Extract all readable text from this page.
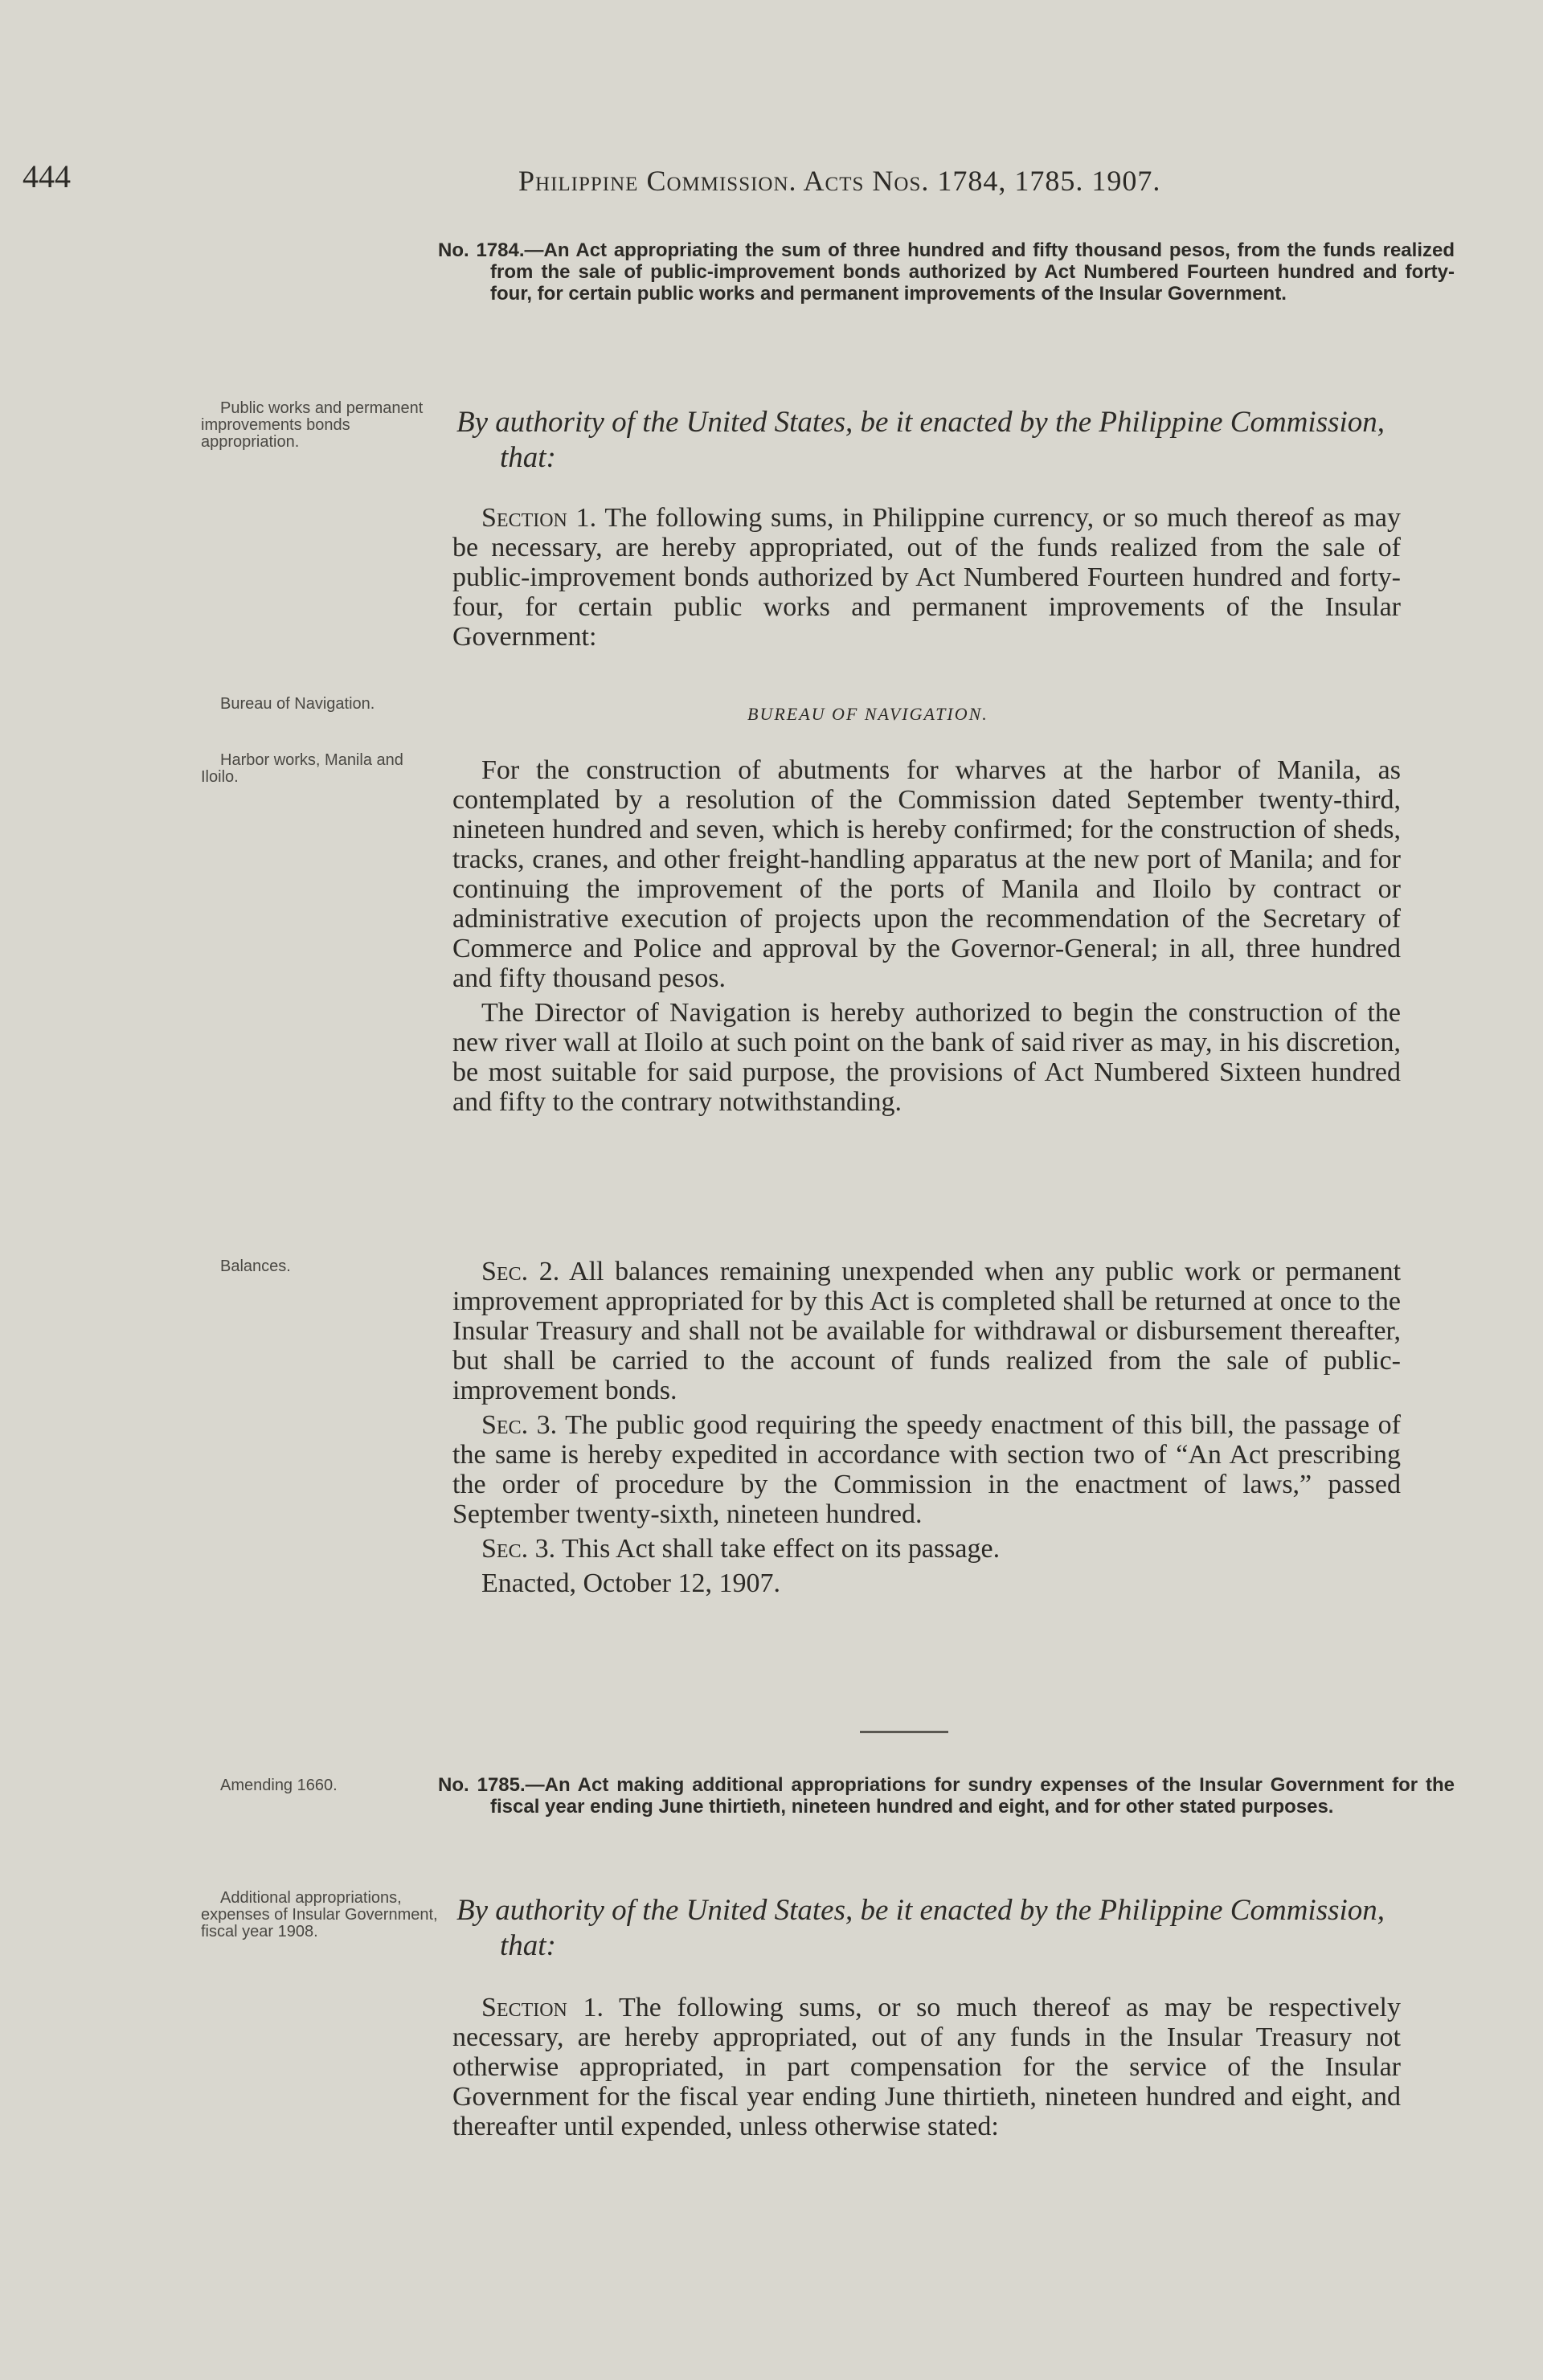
444	Philippine Commission. Acts Nos. 1784, 1785. 1907.
No. 1784.—An Act appropriating the sum of three hundred and fifty thousand pesos, from the funds realized from the sale of public-improvement bonds authorized by Act Numbered Fourteen hundred and forty-four, for certain public works and permanent improvements of the Insular Government.
Public works and permanent improvements bonds appropriation.
By authority of the United States, be it enacted by the Philippine Commission, that:

Section 1. The following sums, in Philippine currency, or so much thereof as may be necessary, are hereby appropriated, out of the funds realized from the sale of public-improvement bonds authorized by Act Numbered Fourteen hundred and forty-four, for certain public works and permanent improvements of the Insular Government:

Bureau of Navigation.	BUREAU OF NAVIGATION.
Harbor works, Manila and Iloilo.	For the construction of abutments for wharves at the harbor of Manila, as contemplated by a resolution of the Commission dated September twenty-third, nineteen hundred and seven, which is hereby confirmed; for the construction of sheds, tracks, cranes, and other freight-handling apparatus at the new port of Manila; and for continuing the improvement of the ports of Manila and Iloilo by contract or administrative execution of projects upon the recommendation of the Secretary of Commerce and Police and approval by the Governor-General; in all, three hundred and fifty thousand pesos.

The Director of Navigation is hereby authorized to begin the construction of the new river wall at Iloilo at such point on the bank of said river as may, in his discretion, be most suitable for said purpose, the provisions of Act Numbered Sixteen hundred and fifty to the contrary notwithstanding.

Balances.	Sec. 2. All balances remaining unexpended when any public work or permanent improvement appropriated for by this Act is completed shall be returned at once to the Insular Treasury and shall not be available for withdrawal or disbursement thereafter, but shall be carried to the account of funds realized from the sale of public-improvement bonds.

Sec. 3. The public good requiring the speedy enactment of this bill, the passage of the same is hereby expedited in accordance with section two of “An Act prescribing the order of procedure by the Commission in the enactment of laws,” passed September twenty-sixth, nineteen hundred.

Sec. 3. This Act shall take effect on its passage.

Enacted, October 12, 1907.

Amending 1660.	No. 1785.—An Act making additional appropriations for sundry expenses of the Insular Government for the fiscal year ending June thirtieth, nineteen hundred and eight, and for other stated purposes.
Additional appropriations, expenses of Insular Government, fiscal year 1908.
By authority of the United States, be it enacted by the Philippine Commission, that:

Section 1. The following sums, or so much thereof as may be respectively necessary, are hereby appropriated, out of any funds in the Insular Treasury not otherwise appropriated, in part compensation for the service of the Insular Government for the fiscal year ending June thirtieth, nineteen hundred and eight, and thereafter until expended, unless otherwise stated:
